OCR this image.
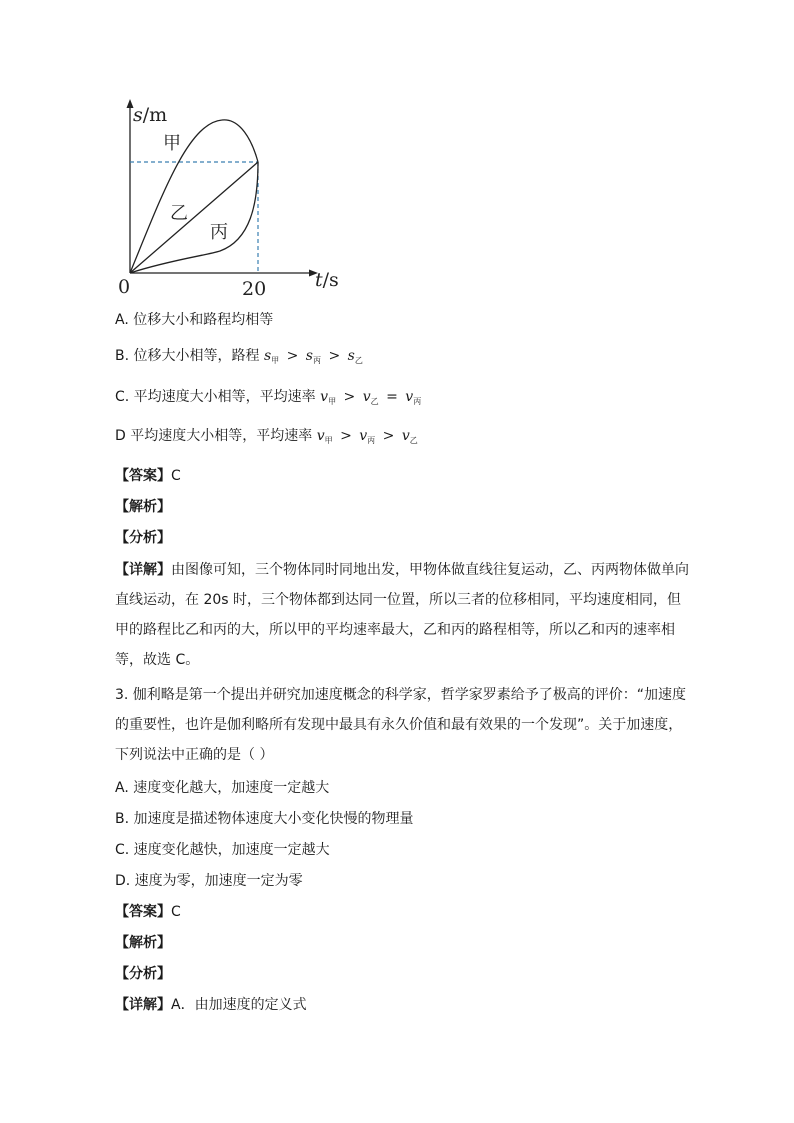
s/m
t/s
0	20
甲
乙
丙
A. 位移大小和路程均相等
B. 位移大小相等，路程 $s_甲 > s_丙 > s_乙$
C. 平均速度大小相等，平均速率 $v_甲 > v_乙 = v_丙$
D 平均速度大小相等，平均速率 $v_甲 > v_丙 > v_乙$
【答案】C
【解析】
【分析】
【详解】由图像可知，三个物体同时同地出发，甲物体做直线往复运动，乙、丙两物体做单向直线运动，在 20s 时，三个物体都到达同一位置，所以三者的位移相同，平均速度相同，但甲的路程比乙和丙的大，所以甲的平均速率最大，乙和丙的路程相等，所以乙和丙的速率相等，故选 C。
3. 伽利略是第一个提出并研究加速度概念的科学家，哲学家罗素给予了极高的评价：“加速度的重要性，也许是伽利略所有发现中最具有永久价值和最有效果的一个发现”。关于加速度，下列说法中正确的是（ ）
A. 速度变化越大，加速度一定越大
B. 加速度是描述物体速度大小变化快慢的物理量
C. 速度变化越快，加速度一定越大
D. 速度为零，加速度一定为零
【答案】C
【解析】
【分析】
【详解】A．由加速度的定义式
